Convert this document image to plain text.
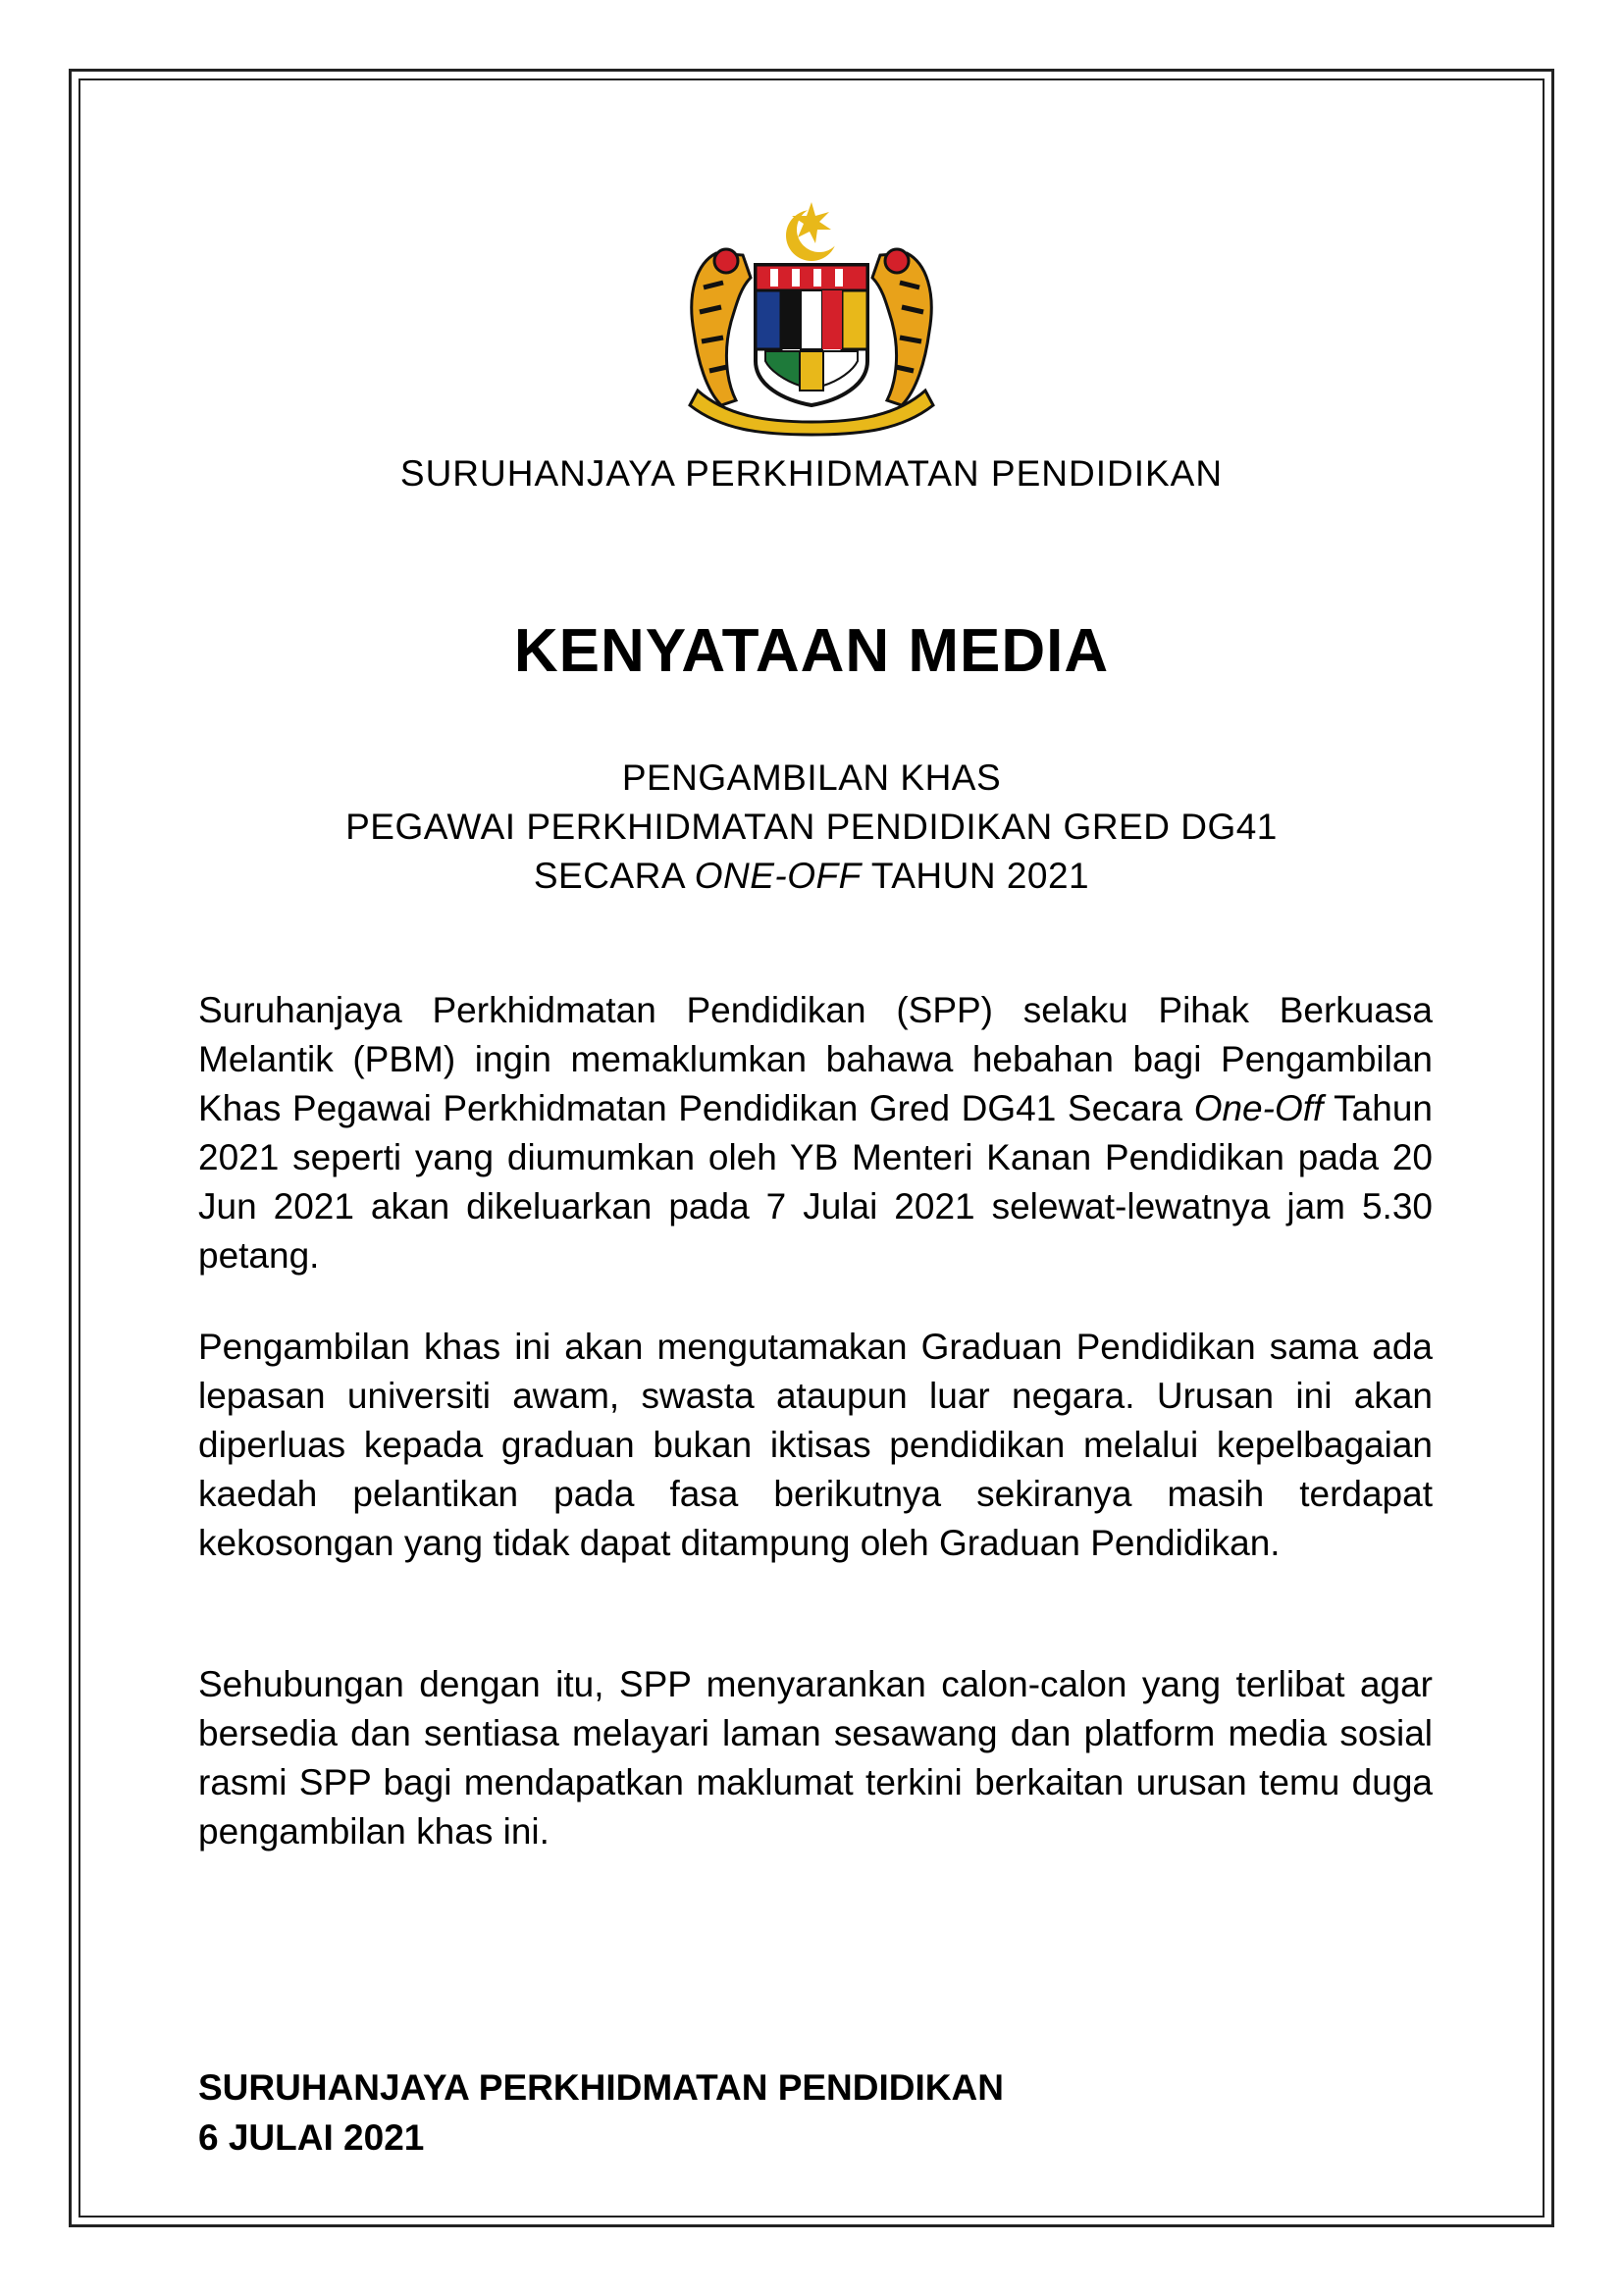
SURUHANJAYA PERKHIDMATAN PENDIDIKAN
KENYATAAN MEDIA
PENGAMBILAN KHAS
PEGAWAI PERKHIDMATAN PENDIDIKAN GRED DG41
SECARA ONE-OFF TAHUN 2021

Suruhanjaya Perkhidmatan Pendidikan (SPP) selaku Pihak Berkuasa Melantik (PBM) ingin memaklumkan bahawa hebahan bagi Pengambilan Khas Pegawai Perkhidmatan Pendidikan Gred DG41 Secara One-Off Tahun 2021 seperti yang diumumkan oleh YB Menteri Kanan Pendidikan pada 20 Jun 2021 akan dikeluarkan pada 7 Julai 2021 selewat-lewatnya jam 5.30 petang.

Pengambilan khas ini akan mengutamakan Graduan Pendidikan sama ada lepasan universiti awam, swasta ataupun luar negara. Urusan ini akan diperluas kepada graduan bukan iktisas pendidikan melalui kepelbagaian kaedah pelantikan pada fasa berikutnya sekiranya masih terdapat kekosongan yang tidak dapat ditampung oleh Graduan Pendidikan.

Sehubungan dengan itu, SPP menyarankan calon-calon yang terlibat agar bersedia dan sentiasa melayari laman sesawang dan platform media sosial rasmi SPP bagi mendapatkan maklumat terkini berkaitan urusan temu duga pengambilan khas ini.

SURUHANJAYA PERKHIDMATAN PENDIDIKAN
6 JULAI 2021
